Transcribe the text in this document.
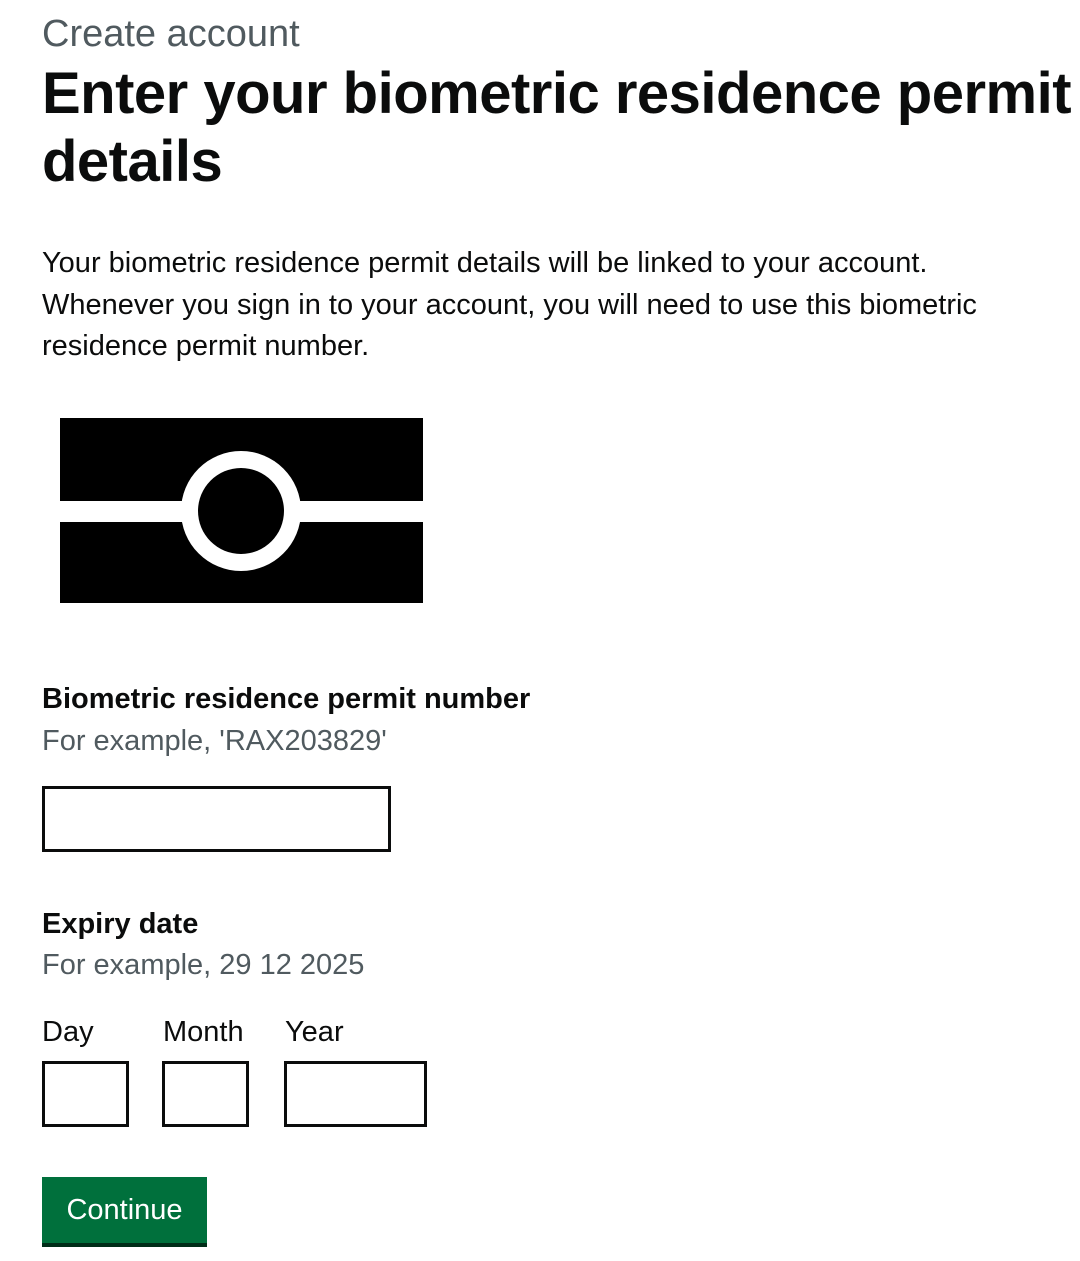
Create account

Enter your biometric residence permit details

Your biometric residence permit details will be linked to your account. Whenever you sign in to your account, you will need to use this biometric residence permit number.

Biometric residence permit number
For example, 'RAX203829'
Expiry date
For example, 29 12 2025
Day Month Year
Continue
